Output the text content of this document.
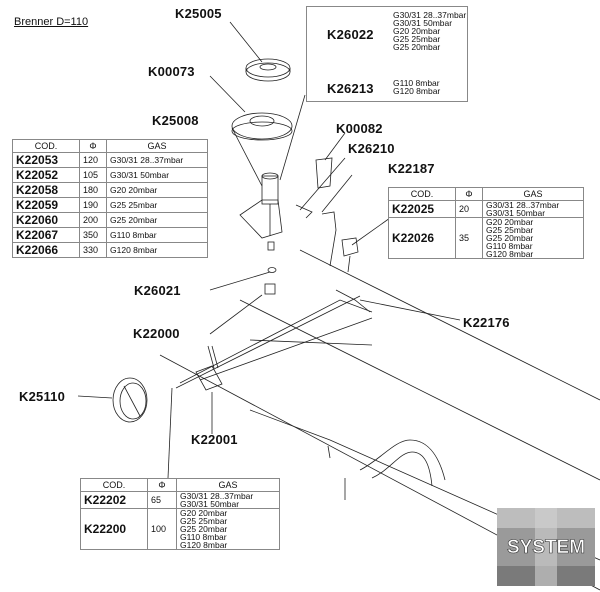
Brenner D=110
K25005
K00073
K25008
K00082
K26210
K22187
K26021
K22000
K22176
K25110
K22001
K26022
G30/31 28..37mbar
G30/31 50mbar
G20 20mbar
G25 25mbar
G25 20mbar
K26213 G110 8mbar
G120 8mbar
COD.	Φ	GAS
K22053	120	G30/31 28..37mbar
K22052	105	G30/31 50mbar
K22058	180	G20 20mbar
K22059	190	G25 25mbar
K22060	200	G25 20mbar
K22067	350	G110 8mbar
K22066	330	G120 8mbar
COD.	Φ	GAS
K22025	20	G30/31 28..37mbar
G30/31 50mbar
K22026	35	G20 20mbar
G25 25mbar
G25 20mbar
G110 8mbar
G120 8mbar
COD.	Φ	GAS
K22202	65	G30/31 28..37mbar
G30/31 50mbar
K22200	100	G20 20mbar
G25 25mbar
G25 20mbar
G110 8mbar
G120 8mbar	SYSTEM
